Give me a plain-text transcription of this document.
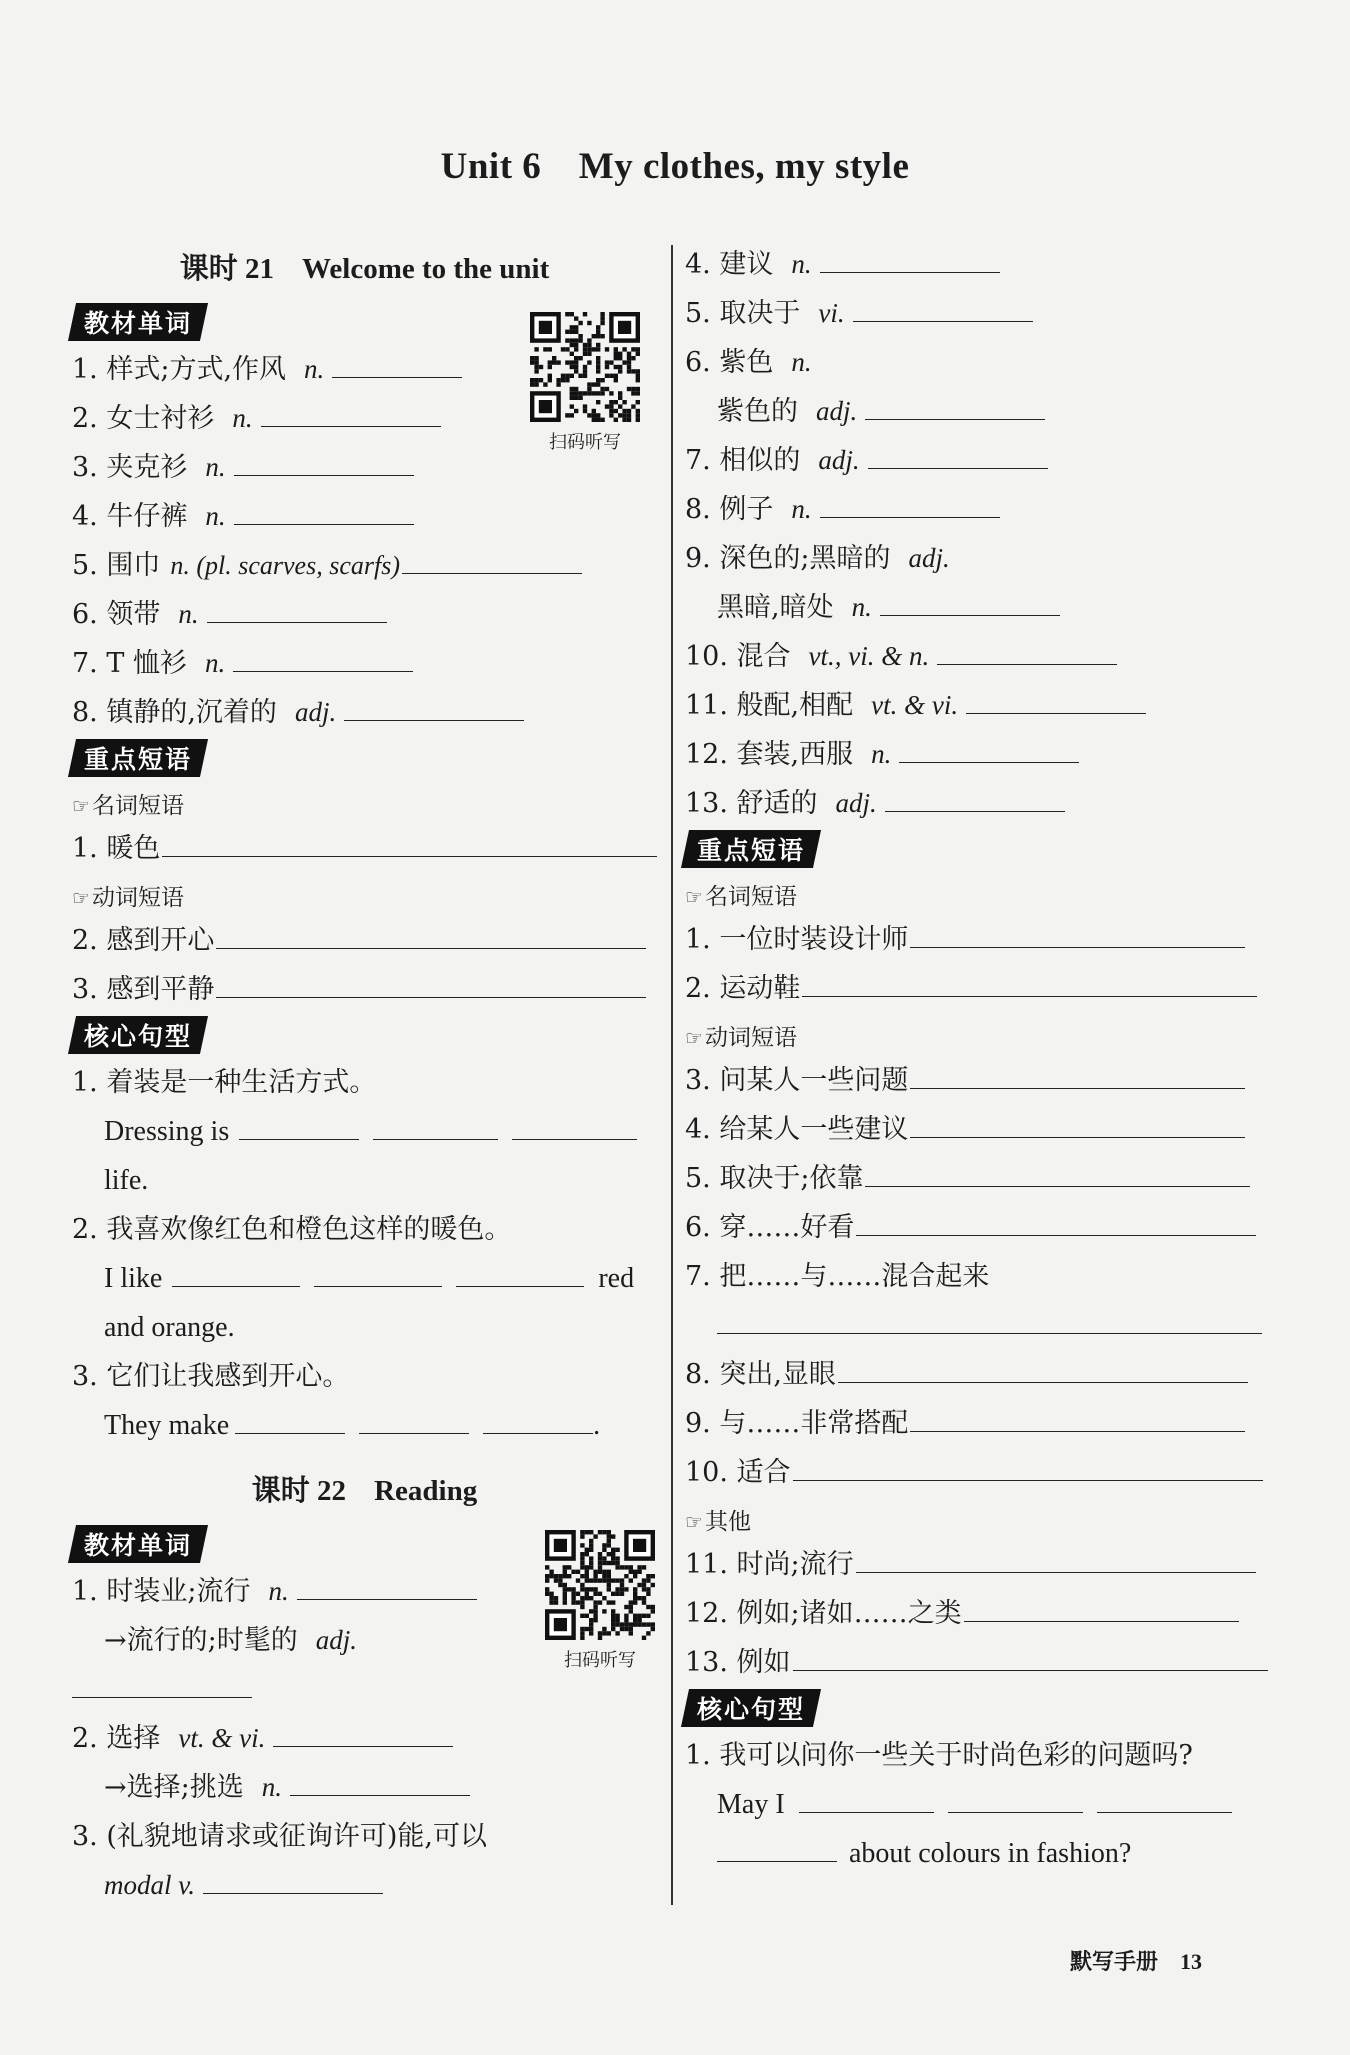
Unit 6　My clothes, my style
课时 21 Welcome to the unit
教材单词
1. 样式;方式,作风 n.
2. 女士衬衫 n.
3. 夹克衫 n.
4. 牛仔裤 n.
5. 围巾 n. (pl. scarves, scarfs)
6. 领带 n.
7. T 恤衫 n.
8. 镇静的,沉着的 adj.
重点短语
☞名词短语
1. 暖色
☞动词短语
2. 感到开心
3. 感到平静
核心句型
1. 着装是一种生活方式。
Dressing is
life.
2. 我喜欢像红色和橙色这样的暖色。
I like	red
and orange.
3. 它们让我感到开心。
They make	.
课时 22 Reading
教材单词
1. 时装业;流行 n.
→流行的;时髦的 adj.
2. 选择 vt. & vi.
→选择;挑选 n.
3. (礼貌地请求或征询许可)能,可以
modal v.
扫码听写
扫码听写
4. 建议 n.
5. 取决于 vi.
6. 紫色 n.
紫色的 adj.
7. 相似的 adj.
8. 例子 n.
9. 深色的;黑暗的 adj.
黑暗,暗处 n.
10. 混合 vt., vi. & n.
11. 般配,相配 vt. & vi.
12. 套装,西服 n.
13. 舒适的 adj.
重点短语
☞名词短语
1. 一位时装设计师
2. 运动鞋
☞动词短语
3. 问某人一些问题
4. 给某人一些建议
5. 取决于;依靠
6. 穿……好看
7. 把……与……混合起来
8. 突出,显眼
9. 与……非常搭配
10. 适合
☞其他
11. 时尚;流行
12. 例如;诸如……之类
13. 例如
核心句型
1. 我可以问你一些关于时尚色彩的问题吗?
May I
about colours in fashion?
默写手册 13
